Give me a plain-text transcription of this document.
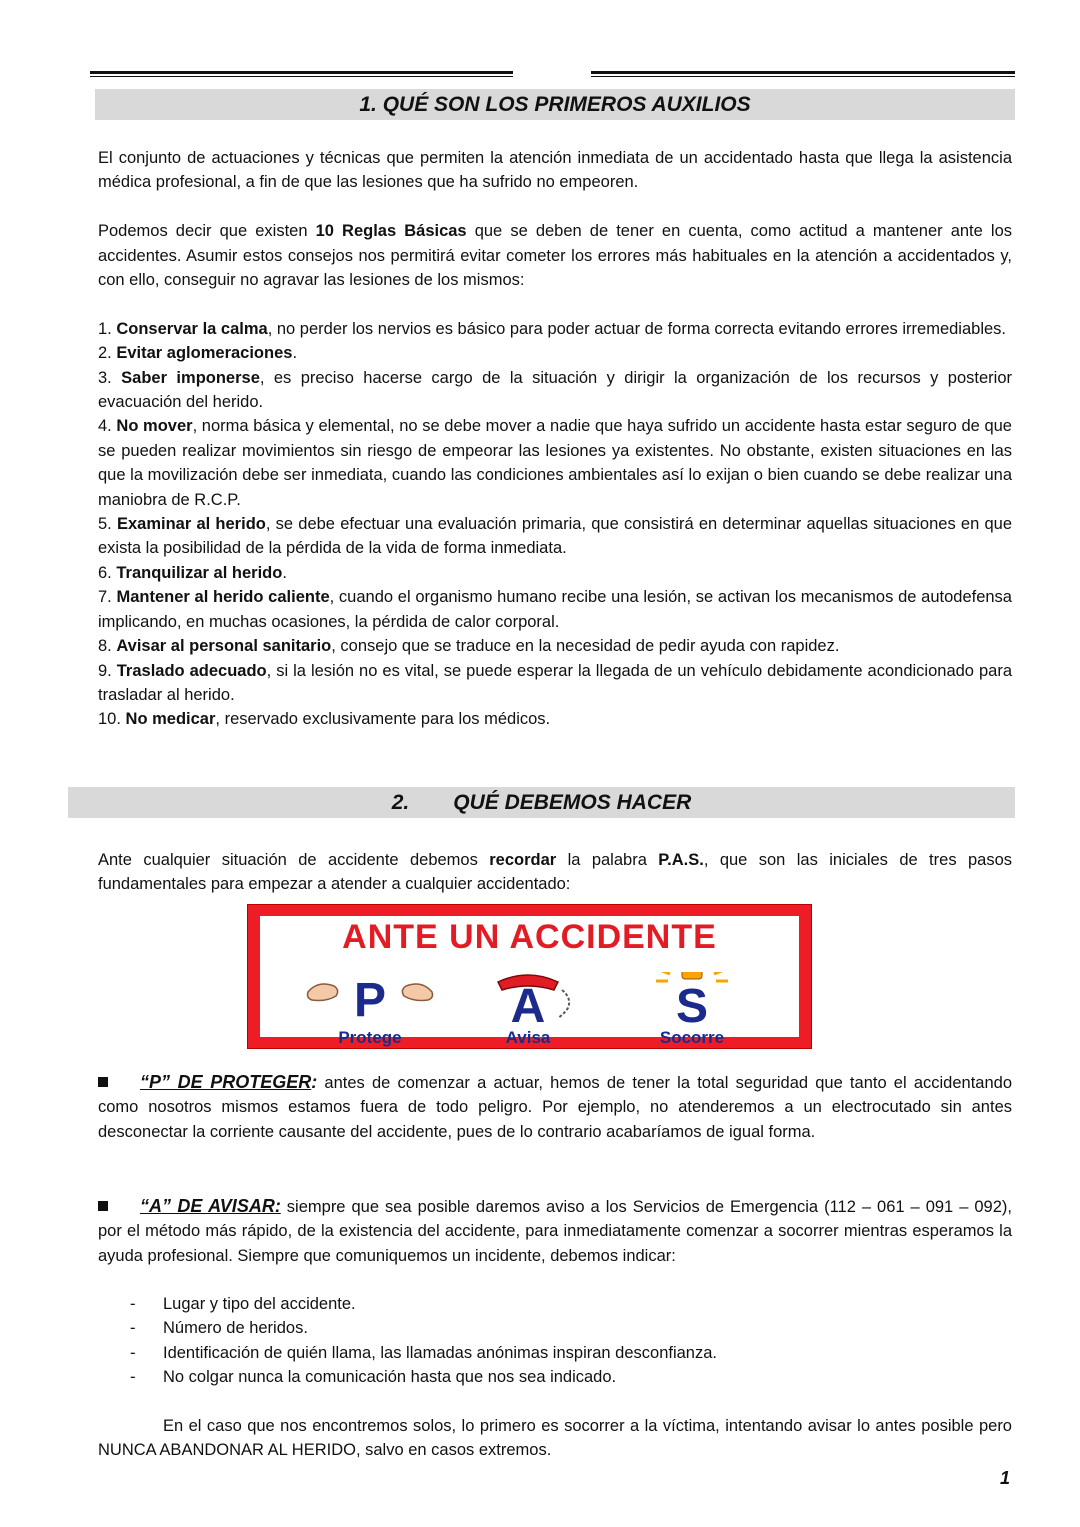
1. QUÉ SON LOS PRIMEROS AUXILIOS

El conjunto de actuaciones y técnicas que permiten la atención inmediata de un accidentado hasta que llega la asistencia médica profesional, a fin de que las lesiones que ha sufrido no empeoren.

Podemos decir que existen 10 Reglas Básicas que se deben de tener en cuenta, como actitud a mantener ante los accidentes. Asumir estos consejos nos permitirá evitar cometer los errores más habituales en la atención a accidentados y, con ello, conseguir no agravar las lesiones de los mismos:

1. Conservar la calma, no perder los nervios es básico para poder actuar de forma correcta evitando errores irremediables.

2. Evitar aglomeraciones.

3. Saber imponerse, es preciso hacerse cargo de la situación y dirigir la organización de los recursos y posterior evacuación del herido.

4. No mover, norma básica y elemental, no se debe mover a nadie que haya sufrido un accidente hasta estar seguro de que se pueden realizar movimientos sin riesgo de empeorar las lesiones ya existentes. No obstante, existen situaciones en las que la movilización debe ser inmediata, cuando las condiciones ambientales así lo exijan o bien cuando se debe realizar una maniobra de R.C.P.

5. Examinar al herido, se debe efectuar una evaluación primaria, que consistirá en determinar aquellas situaciones en que exista la posibilidad de la pérdida de la vida de forma inmediata.

6. Tranquilizar al herido.

7. Mantener al herido caliente, cuando el organismo humano recibe una lesión, se activan los mecanismos de autodefensa implicando, en muchas ocasiones, la pérdida de calor corporal.

8. Avisar al personal sanitario, consejo que se traduce en la necesidad de pedir ayuda con rapidez.

9. Traslado adecuado, si la lesión no es vital, se puede esperar la llegada de un vehículo debidamente acondicionado para trasladar al herido.

10. No medicar, reservado exclusivamente para los médicos.

2. QUÉ DEBEMOS HACER

Ante cualquier situación de accidente debemos recordar la palabra P.A.S., que son las iniciales de tres pasos fundamentales para empezar a atender a cualquier accidentado:

ANTE UN ACCIDENTE
P
Protege
A
Avisa
S
Socorre

“P” DE PROTEGER: antes de comenzar a actuar, hemos de tener la total seguridad que tanto el accidentando como nosotros mismos estamos fuera de todo peligro. Por ejemplo, no atenderemos a un electrocutado sin antes desconectar la corriente causante del accidente, pues de lo contrario acabaríamos de igual forma.

“A” DE AVISAR: siempre que sea posible daremos aviso a los Servicios de Emergencia (112 – 061 – 091 – 092), por el método más rápido, de la existencia del accidente, para inmediatamente comenzar a socorrer mientras esperamos la ayuda profesional. Siempre que comuniquemos un incidente, debemos indicar:

-	Lugar y tipo del accidente.
-	Número de heridos.
-	Identificación de quién llama, las llamadas anónimas inspiran desconfianza.
-	No colgar nunca la comunicación hasta que nos sea indicado.

En el caso que nos encontremos solos, lo primero es socorrer a la víctima, intentando avisar lo antes posible pero NUNCA ABANDONAR AL HERIDO, salvo en casos extremos.

1
